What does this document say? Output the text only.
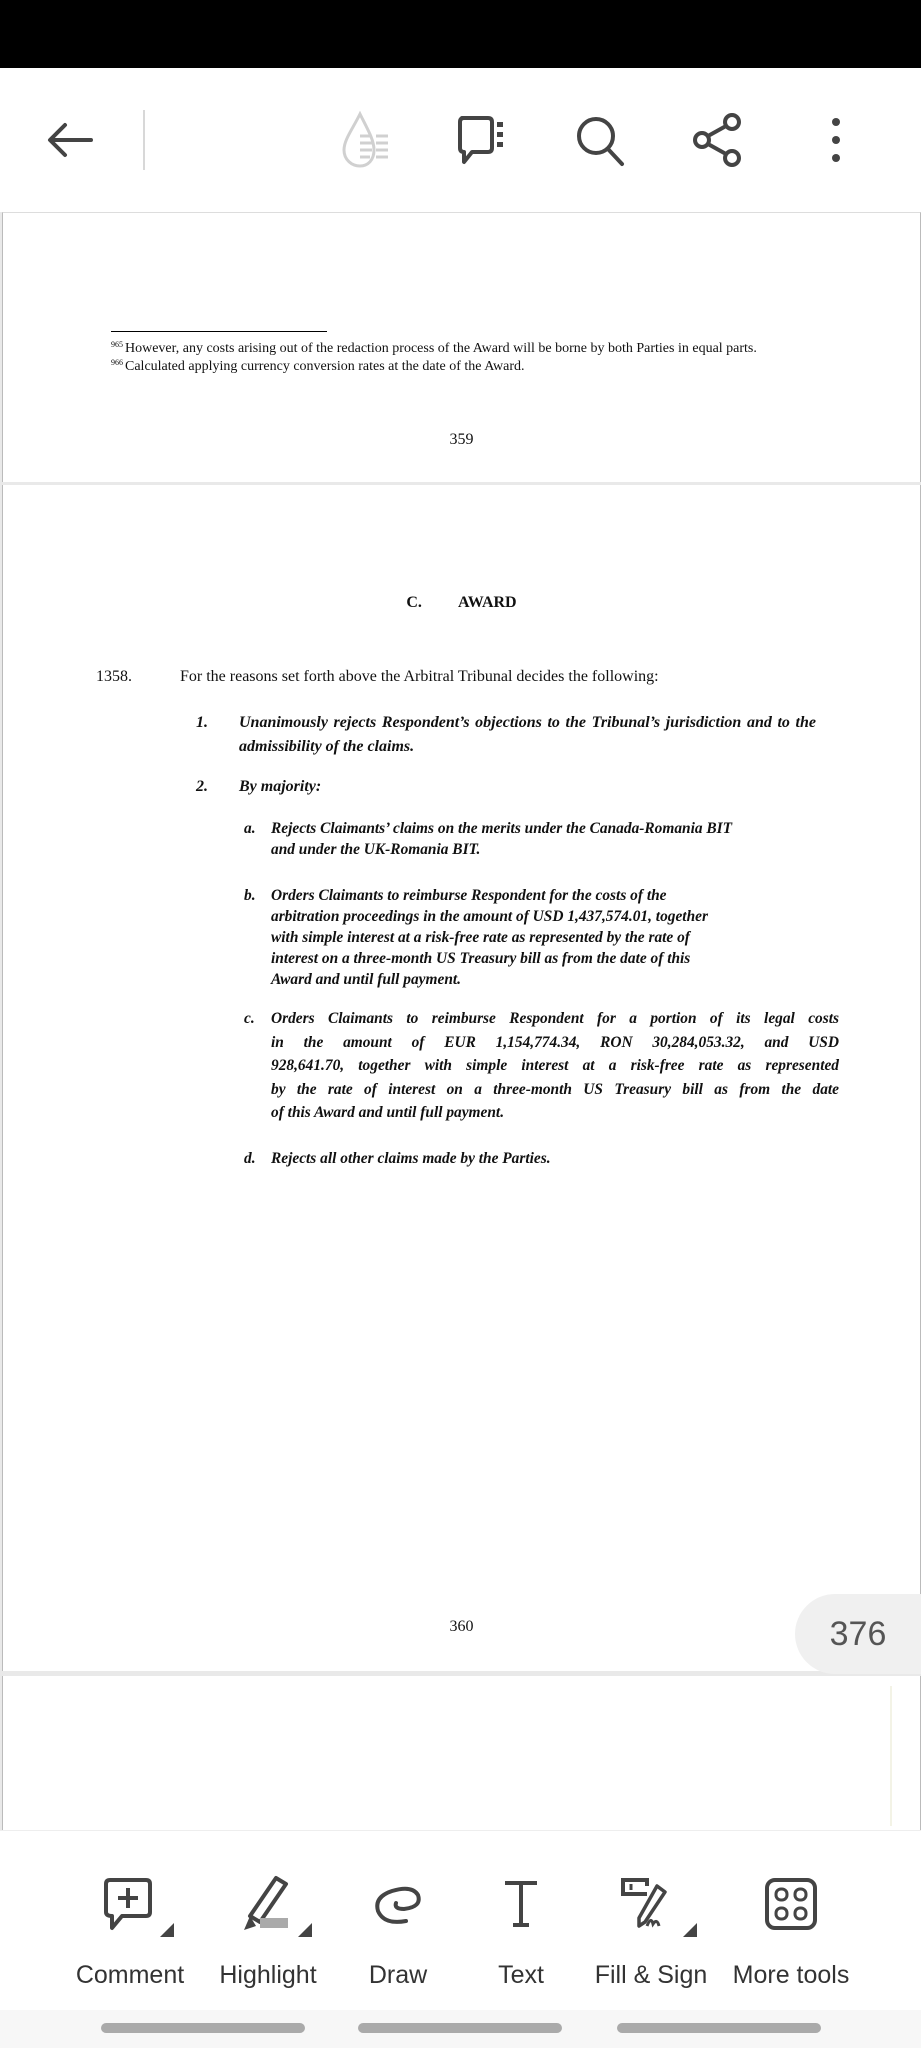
$^{965}$ However, any costs arising out of the redaction process of the Award will be borne by both Parties in equal parts.
$^{966}$ Calculated applying currency conversion rates at the date of the Award.
359
C. AWARD
1358.	For the reasons set forth above the Arbitral Tribunal decides the following:
1. Unanimously rejects Respondent’s objections to the Tribunal’s jurisdiction and to the admissibility of the claims.
2. By majority:
a. Rejects Claimants’ claims on the merits under the Canada-Romania BIT
and under the UK-Romania BIT.
b. Orders Claimants to reimburse Respondent for the costs of the
arbitration proceedings in the amount of USD 1,437,574.01, together
with simple interest at a risk-free rate as represented by the rate of
interest on a three-month US Treasury bill as from the date of this
Award and until full payment.
c. Orders Claimants to reimburse Respondent for a portion of its legal costs
in the amount of EUR 1,154,774.34, RON 30,284,053.32, and USD
928,641.70, together with simple interest at a risk-free rate as represented
by the rate of interest on a three-month US Treasury bill as from the date
of this Award and until full payment.
d. Rejects all other claims made by the Parties.
360	376
Comment	Highlight	Draw	Text	Fill & Sign More tools
